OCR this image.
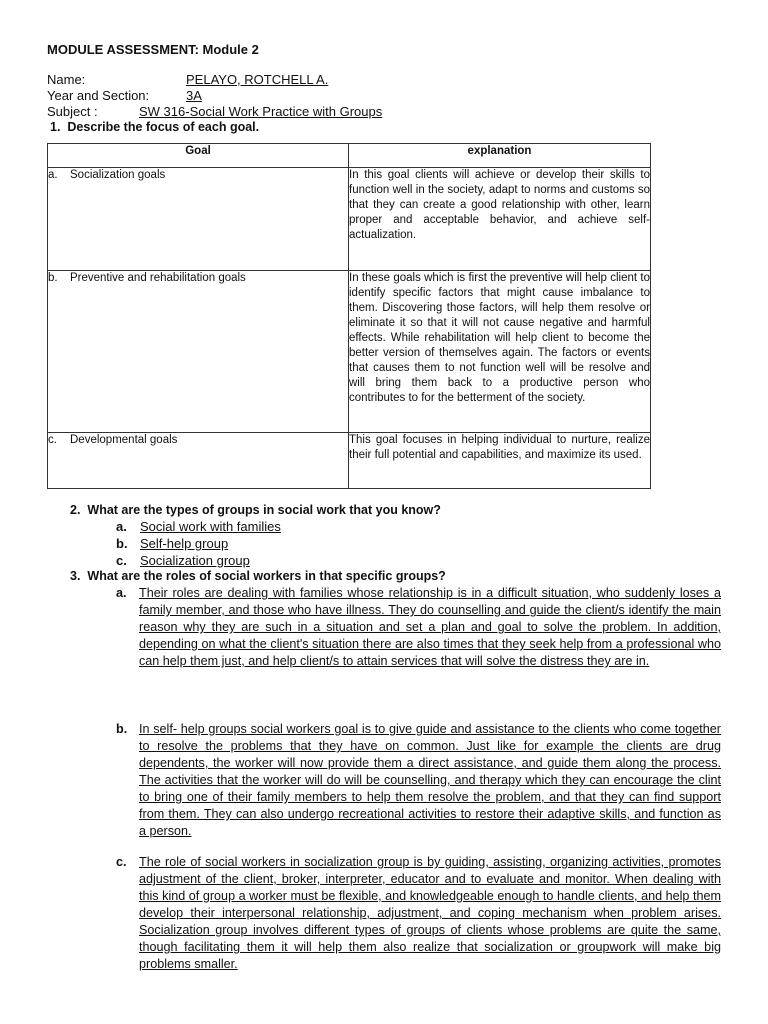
MODULE ASSESSMENT: Module 2
Name:	PELAYO, ROTCHELL A.
Year and Section:	3A
Subject :	SW 316-Social Work Practice with Groups
1. Describe the focus of each goal.
Goal	explanation
a. Socialization goals	In this goal clients will achieve or develop their skills to function well in the society, adapt to norms and customs so that they can create a good relationship with other, learn proper and acceptable behavior, and achieve self-actualization.
b. Preventive and rehabilitation goals	In these goals which is first the preventive will help client to identify specific factors that might cause imbalance to them. Discovering those factors, will help them resolve or eliminate it so that it will not cause negative and harmful effects. While rehabilitation will help client to become the better version of themselves again. The factors or events that causes them to not function well will be resolve and will bring them back to a productive person who contributes to for the betterment of the society.
c. Developmental goals	This goal focuses in helping individual to nurture, realize their full potential and capabilities, and maximize its used.
2. What are the types of groups in social work that you know?
a. Social work with families
b. Self-help group
c. Socialization group
3. What are the roles of social workers in that specific groups?
a. Their roles are dealing with families whose relationship is in a difficult situation, who suddenly loses a family member, and those who have illness. They do counselling and guide the client/s identify the main reason why they are such in a situation and set a plan and goal to solve the problem. In addition, depending on what the client's situation there are also times that they seek help from a professional who can help them just, and help client/s to attain services that will solve the distress they are in.
b. In self- help groups social workers goal is to give guide and assistance to the clients who come together to resolve the problems that they have on common. Just like for example the clients are drug dependents, the worker will now provide them a direct assistance, and guide them along the process. The activities that the worker will do will be counselling, and therapy which they can encourage the clint to bring one of their family members to help them resolve the problem, and that they can find support from them. They can also undergo recreational activities to restore their adaptive skills, and function as a person.
c. The role of social workers in socialization group is by guiding, assisting, organizing activities, promotes adjustment of the client, broker, interpreter, educator and to evaluate and monitor. When dealing with this kind of group a worker must be flexible, and knowledgeable enough to handle clients, and help them develop their interpersonal relationship, adjustment, and coping mechanism when problem arises. Socialization group involves different types of groups of clients whose problems are quite the same, though facilitating them it will help them also realize that socialization or groupwork will make big problems smaller.
